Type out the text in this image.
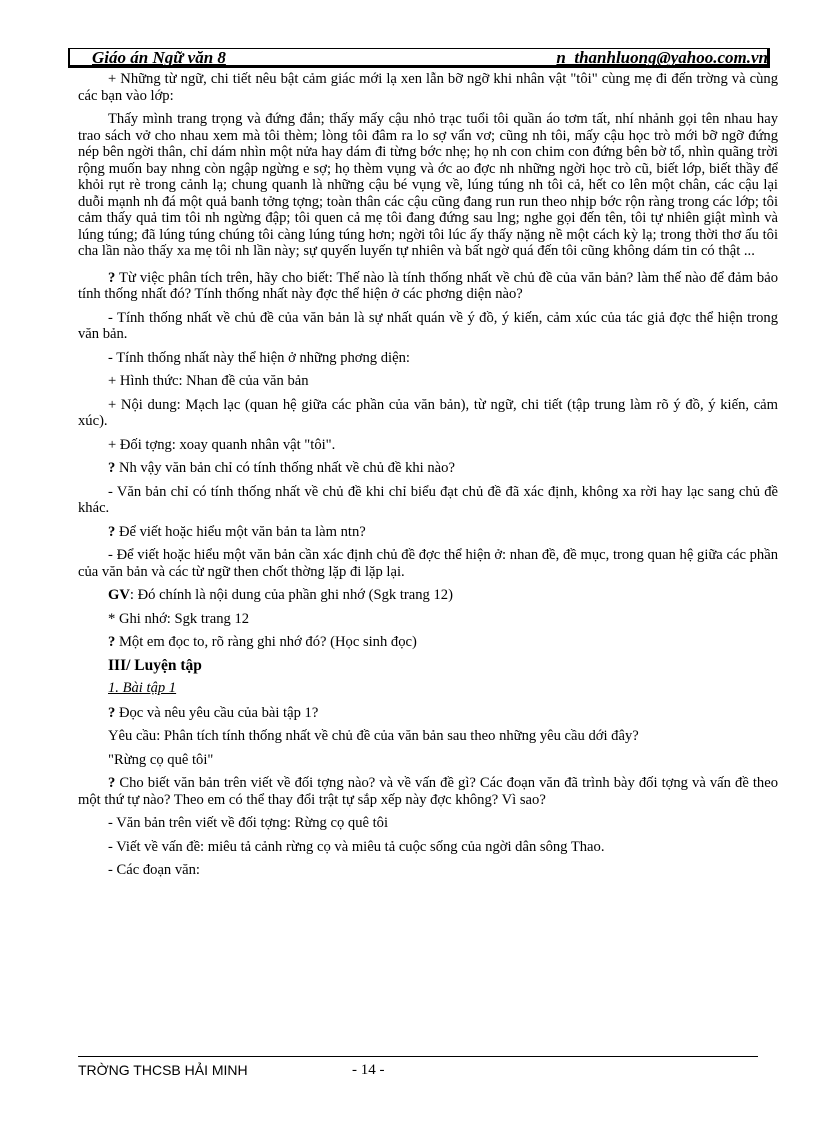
Giáo án Ngữ văn 8	n_thanhluong@yahoo.com.vn

+ Những từ ngữ, chi tiết nêu bật cảm giác mới lạ xen lẫn bỡ ngỡ khi nhân vật "tôi" cùng mẹ đi đến trờng và cùng các bạn vào lớp:

Thấy mình trang trọng và đứng đắn; thấy mấy cậu nhỏ trạc tuổi tôi quần áo tơm tất, nhí nhảnh gọi tên nhau hay trao sách vở cho nhau xem mà tôi thèm; lòng tôi đâm ra lo sợ vẩn vơ; cũng nh tôi, mấy cậu học trò mới bỡ ngỡ đứng nép bên ngời thân, chỉ dám nhìn một nửa hay dám đi từng bớc nhẹ; họ nh con chim con đứng bên bờ tổ, nhìn quãng trời rộng muốn bay nhng còn ngập ngừng e sợ; họ thèm vụng và ớc ao đợc nh những ngời học trò cũ, biết lớp, biết thầy để khỏi rụt rè trong cảnh lạ; chung quanh là những cậu bé vụng về, lúng túng nh tôi cả, hết co lên một chân, các cậu lại duỗi mạnh nh đá một quả banh tởng tợng; toàn thân các cậu cũng đang run run theo nhịp bớc rộn ràng trong các lớp; tôi cảm thấy quả tim tôi nh ngừng đập; tôi quen cả mẹ tôi đang đứng sau lng; nghe gọi đến tên, tôi tự nhiên giật mình và lúng túng; đã lúng túng chúng tôi càng lúng túng hơn; ngời tôi lúc ấy thấy nặng nề một cách kỳ lạ; trong thời thơ ấu tôi cha lần nào thấy xa mẹ tôi nh lần này; sự quyến luyến tự nhiên và bất ngờ quá đến tôi cũng không dám tin có thật ...

? Từ việc phân tích trên, hãy cho biết: Thế nào là tính thống nhất về chủ đề của văn bản? làm thế nào để đảm bảo tính thống nhất đó? Tính thống nhất này đợc thể hiện ở các phơng diện nào?

- Tính thống nhất về chủ đề của văn bản là sự nhất quán về ý đồ, ý kiến, cảm xúc của tác giả đợc thể hiện trong văn bản.

- Tính thống nhất này thể hiện ở những phơng diện:

+ Hình thức: Nhan đề của văn bản

+ Nội dung: Mạch lạc (quan hệ giữa các phần của văn bản), từ ngữ, chi tiết (tập trung làm rõ ý đồ, ý kiến, cảm xúc).

+ Đối tợng: xoay quanh nhân vật "tôi".

? Nh vậy văn bản chỉ có tính thống nhất về chủ đề khi nào?

- Văn bản chỉ có tính thống nhất về chủ đề khi chỉ biểu đạt chủ đề đã xác định, không xa rời hay lạc sang chủ đề khác.

? Để viết hoặc hiểu một văn bản ta làm ntn?

- Để viết hoặc hiểu một văn bản cần xác định chủ đề đợc thể hiện ở: nhan đề, đề mục, trong quan hệ giữa các phần của văn bản và các từ ngữ then chốt thờng lặp đi lặp lại.

GV: Đó chính là nội dung của phần ghi nhớ (Sgk trang 12)

* Ghi nhớ: Sgk trang 12

? Một em đọc to, rõ ràng ghi nhớ đó? (Học sinh đọc)

III/ Luyện tập
1. Bài tập 1

? Đọc và nêu yêu cầu của bài tập 1?

Yêu cầu: Phân tích tính thống nhất về chủ đề của văn bản sau theo những yêu cầu dới đây?

"Rừng cọ quê tôi"

? Cho biết văn bản trên viết về đối tợng nào? và về vấn đề gì? Các đoạn văn đã trình bày đối tợng và vấn đề theo một thứ tự nào? Theo em có thể thay đổi trật tự sắp xếp này đợc không? Vì sao?

- Văn bản trên viết về đối tợng: Rừng cọ quê tôi

- Viết về vấn đề: miêu tả cảnh rừng cọ và miêu tả cuộc sống của ngời dân sông Thao.

- Các đoạn văn:

TRỜNG THCSB HẢI MINH	- 14 -
